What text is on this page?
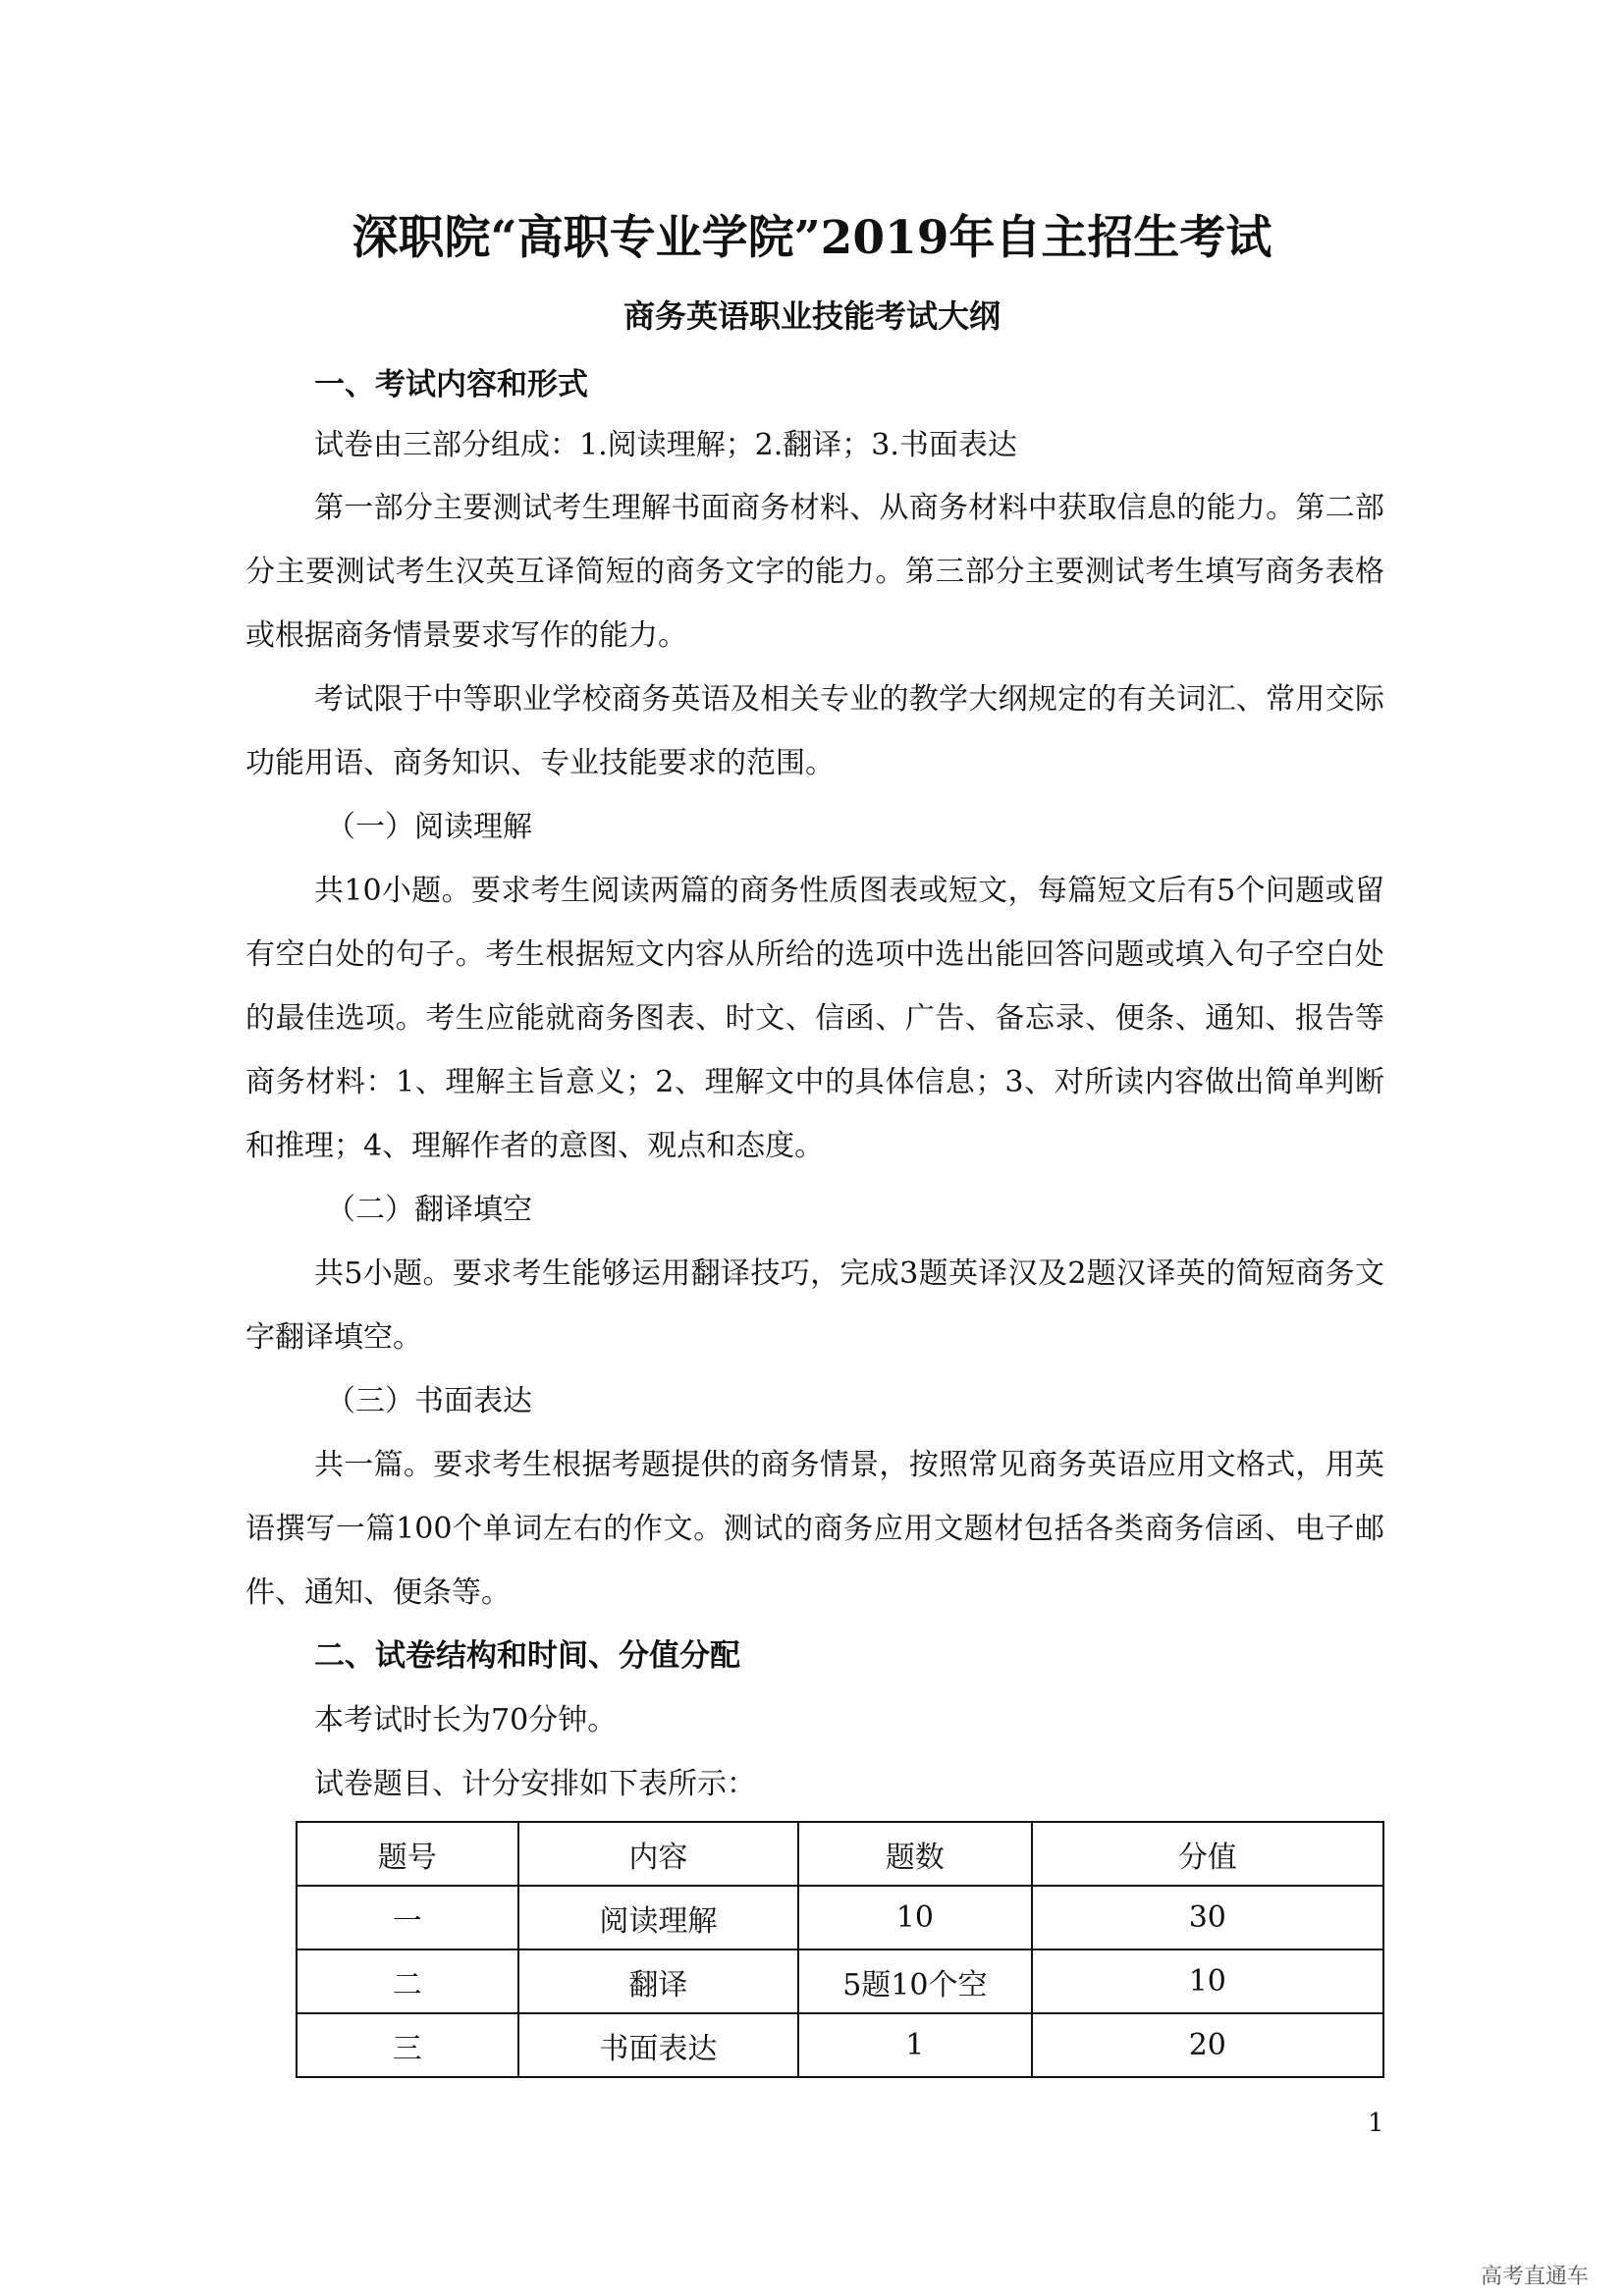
深职院“高职专业学院”2019年自主招生考试
商务英语职业技能考试大纲
一、考试内容和形式
试卷由三部分组成：1.阅读理解；2.翻译；3.书面表达

第一部分主要测试考生理解书面商务材料、从商务材料中获取信息的能力。第二部分主要测试考生汉英互译简短的商务文字的能力。第三部分主要测试考生填写商务表格或根据商务情景要求写作的能力。

考试限于中等职业学校商务英语及相关专业的教学大纲规定的有关词汇、常用交际功能用语、商务知识、专业技能要求的范围。

（一）阅读理解

共10小题。要求考生阅读两篇的商务性质图表或短文，每篇短文后有5个问题或留有空白处的句子。考生根据短文内容从所给的选项中选出能回答问题或填入句子空白处的最佳选项。考生应能就商务图表、时文、信函、广告、备忘录、便条、通知、报告等商务材料：1、理解主旨意义；2、理解文中的具体信息；3、对所读内容做出简单判断和推理；4、理解作者的意图、观点和态度。

（二）翻译填空

共5小题。要求考生能够运用翻译技巧，完成3题英译汉及2题汉译英的简短商务文字翻译填空。

（三）书面表达

共一篇。要求考生根据考题提供的商务情景，按照常见商务英语应用文格式，用英语撰写一篇100个单词左右的作文。测试的商务应用文题材包括各类商务信函、电子邮件、通知、便条等。

二、试卷结构和时间、分值分配
本考试时长为70分钟。
试卷题目、计分安排如下表所示：
题号	内容	题数	分值
一	阅读理解	10	30
二	翻译	5题10个空	10
三	书面表达	1	20
1
高考直通车
